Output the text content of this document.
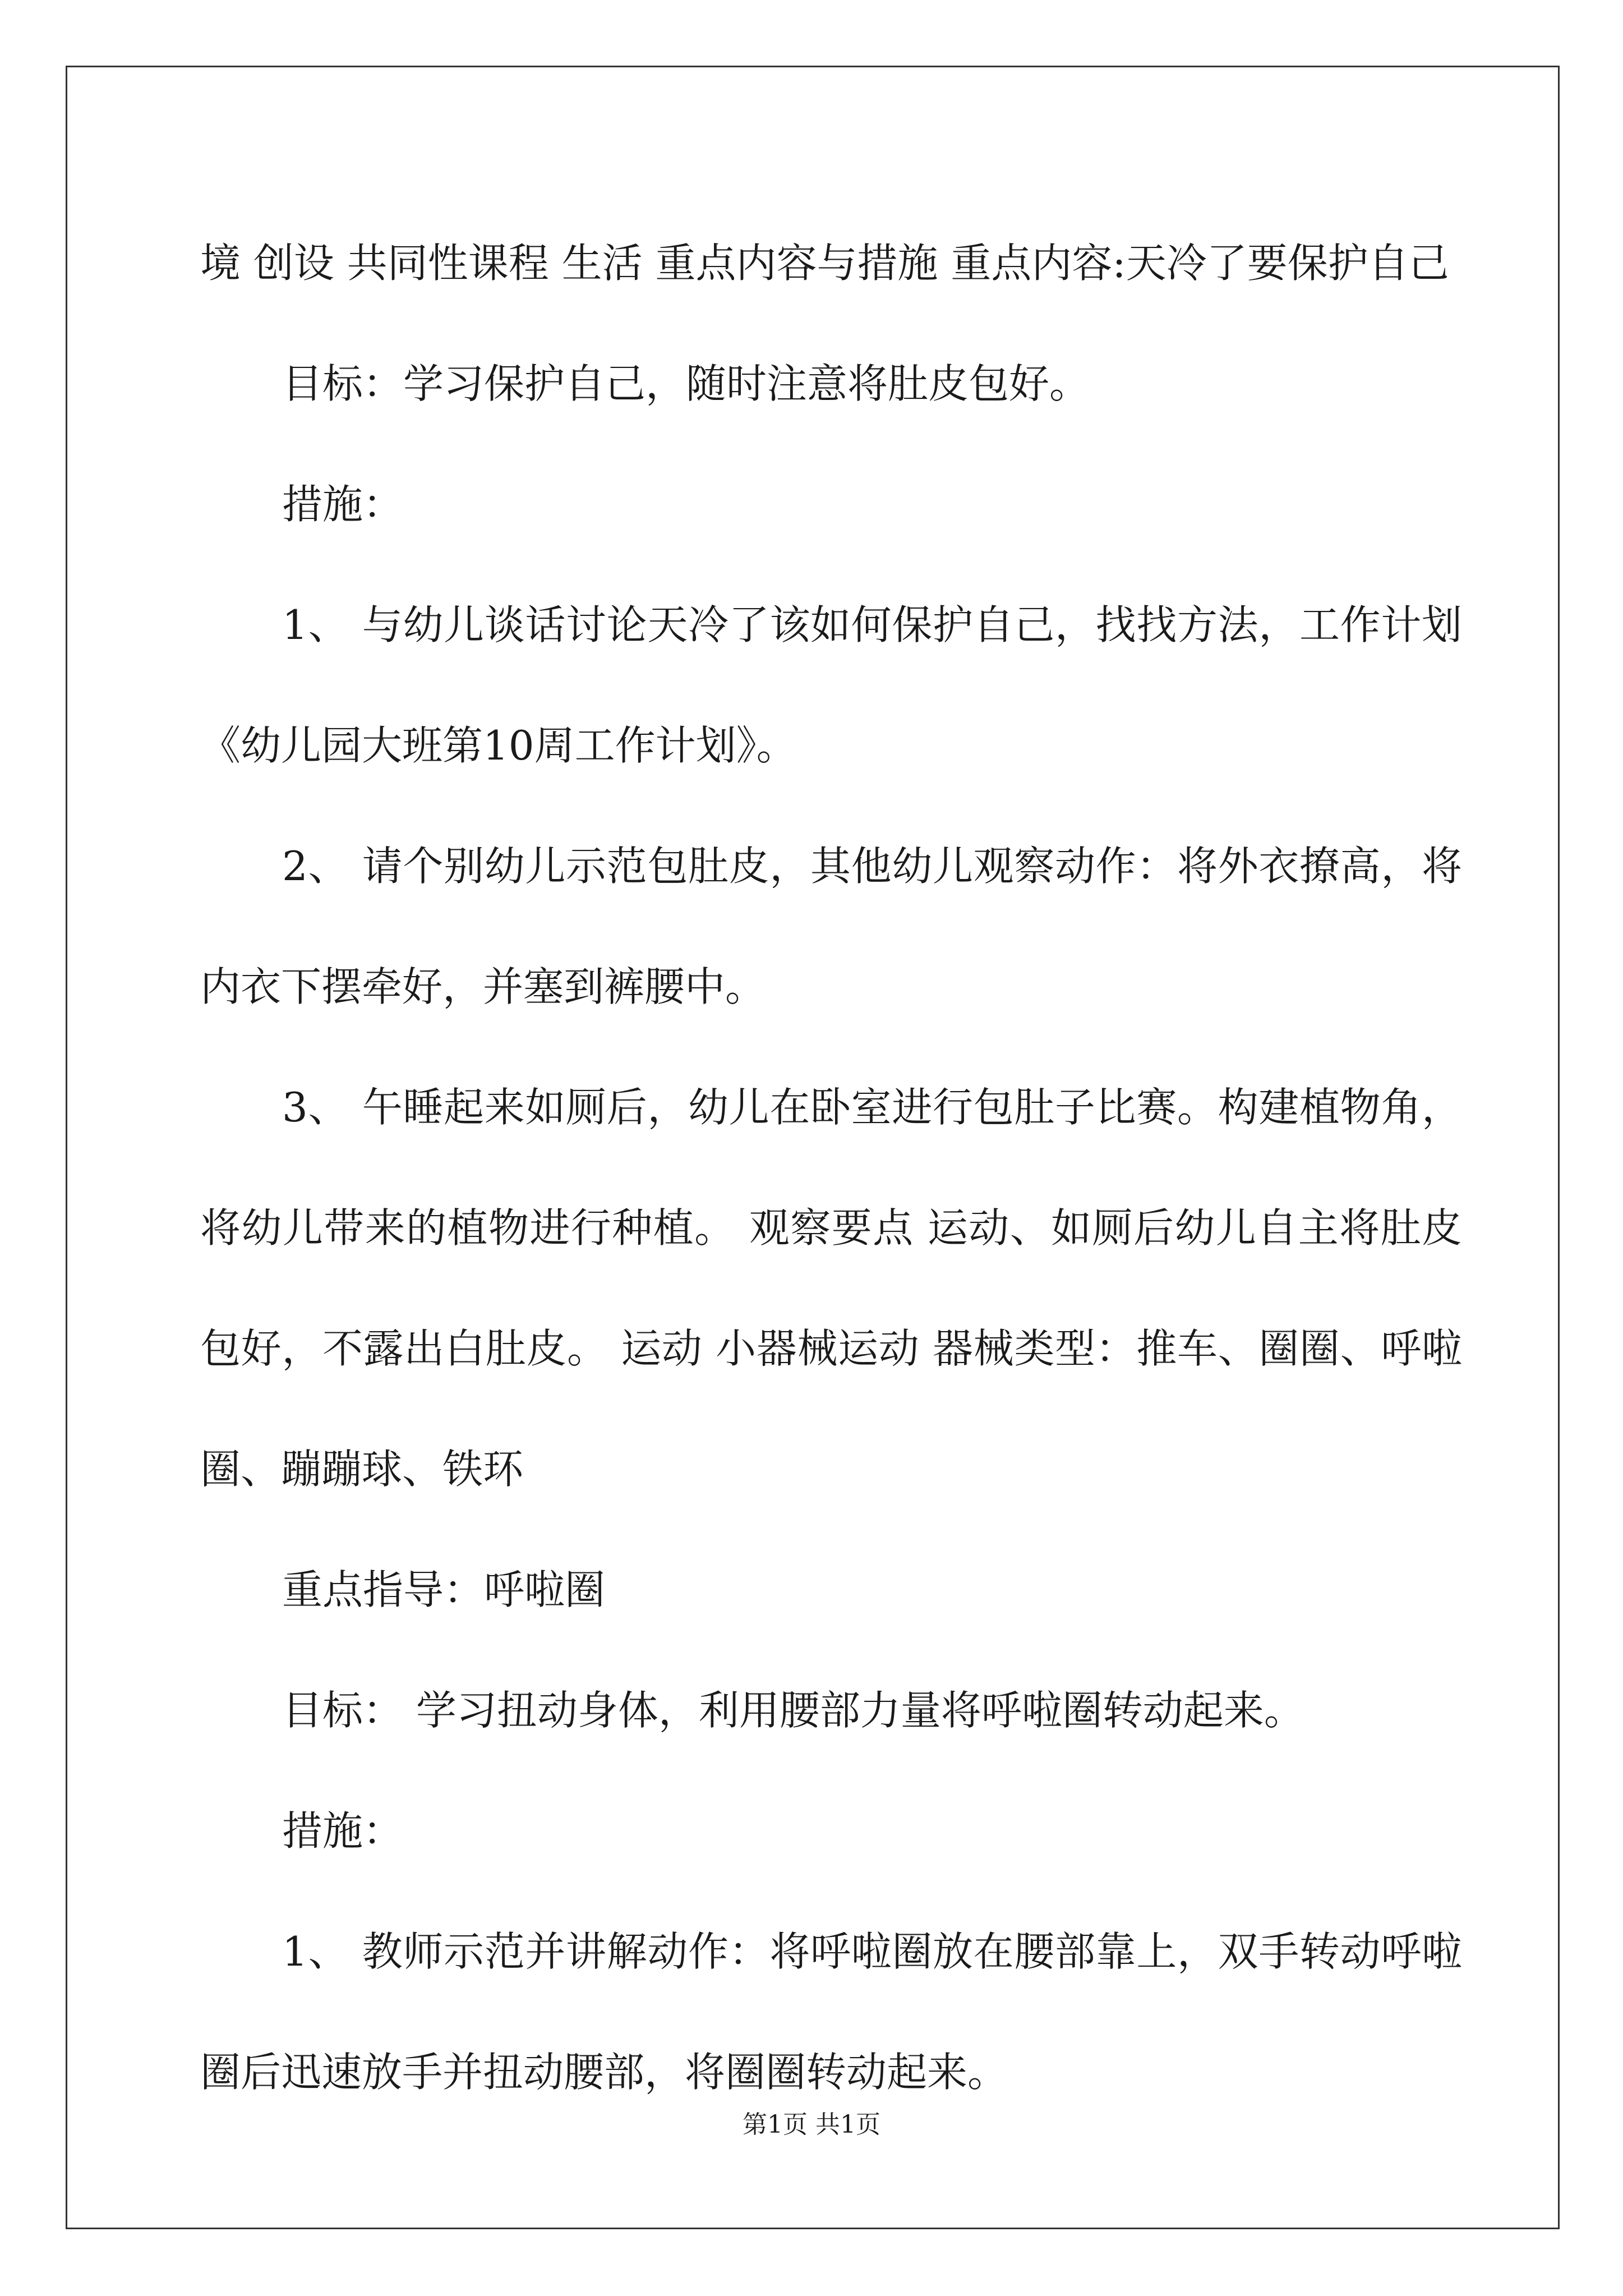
境 创设 共同性课程 生活 重点内容与措施 重点内容:天冷了要保护自己

目标：学习保护自己，随时注意将肚皮包好。

措施：

1、 与幼儿谈话讨论天冷了该如何保护自己，找找方法，工作计划《幼儿园大班第10周工作计划》。

2、 请个别幼儿示范包肚皮，其他幼儿观察动作：将外衣撩高，将内衣下摆牵好，并塞到裤腰中。

3、 午睡起来如厕后，幼儿在卧室进行包肚子比赛。构建植物角，将幼儿带来的植物进行种植。 观察要点 运动、如厕后幼儿自主将肚皮包好，不露出白肚皮。 运动 小器械运动 器械类型：推车、圈圈、呼啦圈、蹦蹦球、铁环

重点指导：呼啦圈

目标： 学习扭动身体，利用腰部力量将呼啦圈转动起来。

措施：

1、 教师示范并讲解动作：将呼啦圈放在腰部靠上，双手转动呼啦圈后迅速放手并扭动腰部，将圈圈转动起来。

第1页 共1页
